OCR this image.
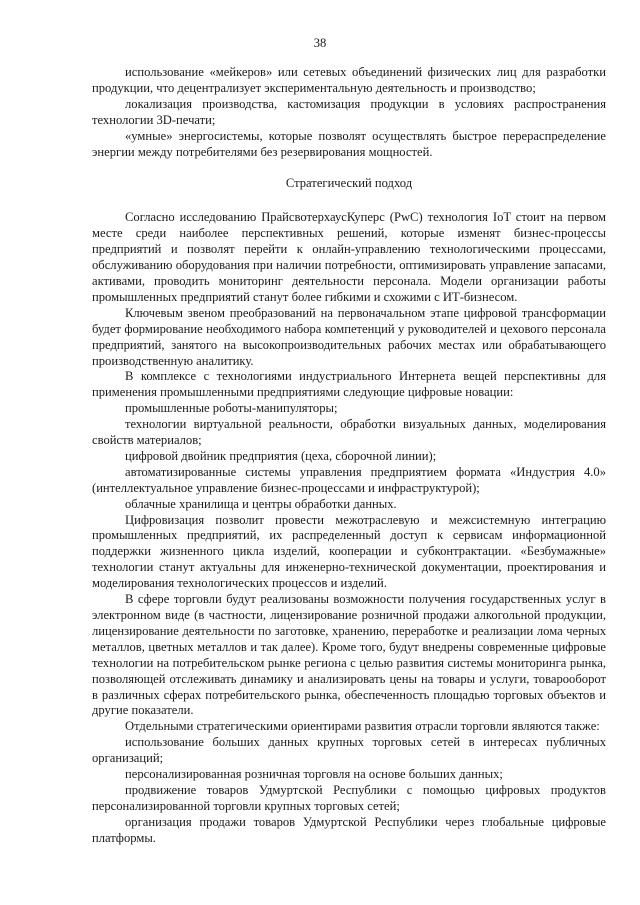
38

использование «мейкеров» или сетевых объединений физических лиц для разработки продукции, что децентрализует экспериментальную деятельность и производство;

локализация производства, кастомизация продукции в условиях распространения технологии 3D-печати;

«умные» энергосистемы, которые позволят осуществлять быстрое перераспределение энергии между потребителями без резервирования мощностей.

Стратегический подход

Согласно исследованию ПрайсвотерхаусКуперс (PwC) технология IoT стоит на первом месте среди наиболее перспективных решений, которые изменят бизнес-процессы предприятий и позволят перейти к онлайн-управлению технологическими процессами, обслуживанию оборудования при наличии потребности, оптимизировать управление запасами, активами, проводить мониторинг деятельности персонала. Модели организации работы промышленных предприятий станут более гибкими и схожими с ИТ-бизнесом.

Ключевым звеном преобразований на первоначальном этапе цифровой трансформации будет формирование необходимого набора компетенций у руководителей и цехового персонала предприятий, занятого на высокопроизводительных рабочих местах или обрабатывающего производственную аналитику.

В комплексе с технологиями индустриального Интернета вещей перспективны для применения промышленными предприятиями следующие цифровые новации:

промышленные роботы-манипуляторы;

технологии виртуальной реальности, обработки визуальных данных, моделирования свойств материалов;

цифровой двойник предприятия (цеха, сборочной линии);

автоматизированные системы управления предприятием формата «Индустрия 4.0» (интеллектуальное управление бизнес-процессами и инфраструктурой);

облачные хранилища и центры обработки данных.

Цифровизация позволит провести межотраслевую и межсистемную интеграцию промышленных предприятий, их распределенный доступ к сервисам информационной поддержки жизненного цикла изделий, кооперации и субконтрактации. «Безбумажные» технологии станут актуальны для инженерно-технической документации, проектирования и моделирования технологических процессов и изделий.

В сфере торговли будут реализованы возможности получения государственных услуг в электронном виде (в частности, лицензирование розничной продажи алкогольной продукции, лицензирование деятельности по заготовке, хранению, переработке и реализации лома черных металлов, цветных металлов и так далее). Кроме того, будут внедрены современные цифровые технологии на потребительском рынке региона с целью развития системы мониторинга рынка, позволяющей отслеживать динамику и анализировать цены на товары и услуги, товарооборот в различных сферах потребительского рынка, обеспеченность площадью торговых объектов и другие показатели.

Отдельными стратегическими ориентирами развития отрасли торговли являются также:

использование больших данных крупных торговых сетей в интересах публичных организаций;

персонализированная розничная торговля на основе больших данных;

продвижение товаров Удмуртской Республики с помощью цифровых продуктов персонализированной торговли крупных торговых сетей;

организация продажи товаров Удмуртской Республики через глобальные цифровые платформы.
